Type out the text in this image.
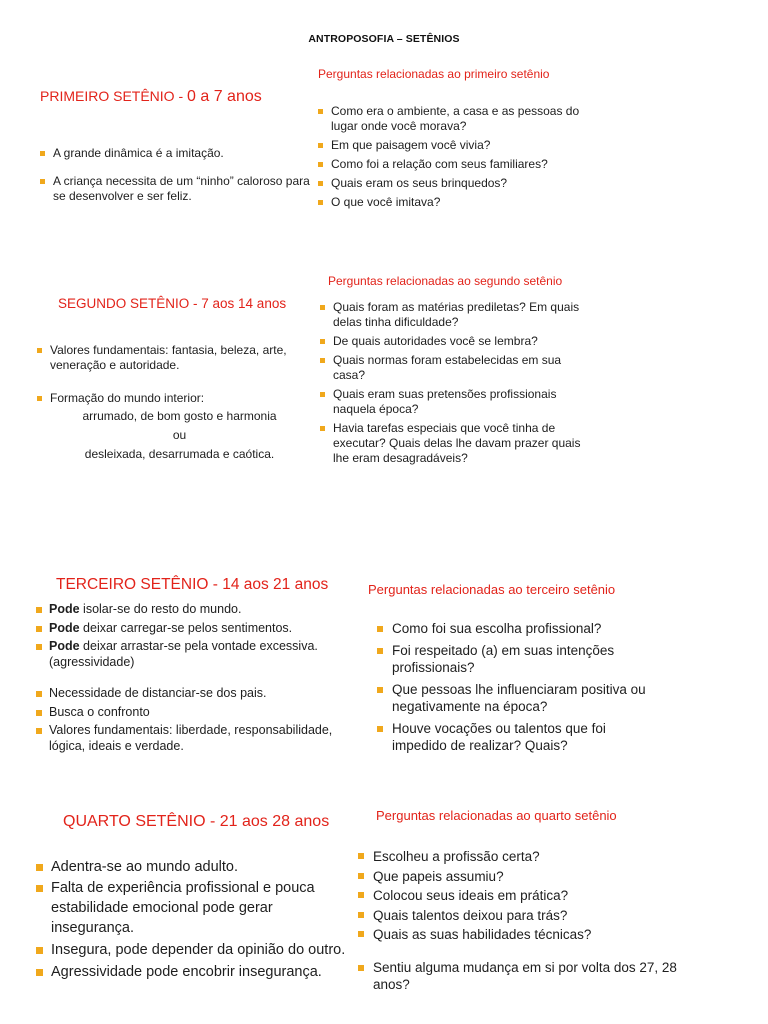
ANTROPOSOFIA – SETÊNIOS
PRIMEIRO SETÊNIO - 0 a 7 anos
A grande dinâmica é a imitação.
A criança necessita de um “ninho” caloroso para se desenvolver e ser feliz.
Perguntas relacionadas ao primeiro setênio
Como era o ambiente, a casa e as pessoas do lugar onde você morava?
Em que paisagem você vivia?
Como foi a relação com seus familiares?
Quais eram os seus brinquedos?
O que você imitava?
SEGUNDO SETÊNIO - 7 aos 14 anos
Valores fundamentais: fantasia, beleza, arte, veneração e autoridade.
Formação do mundo interior:
arrumado, de bom gosto e harmonia
ou
desleixada, desarrumada e caótica.
Perguntas relacionadas ao segundo setênio
Quais foram as matérias prediletas? Em quais delas tinha dificuldade?
De quais autoridades você se lembra?
Quais normas foram estabelecidas em sua casa?
Quais eram suas pretensões profissionais naquela época?
Havia tarefas especiais que você tinha de executar? Quais delas lhe davam prazer quais lhe eram desagradáveis?
TERCEIRO SETÊNIO - 14 aos 21 anos
Pode isolar-se do resto do mundo.
Pode deixar carregar-se pelos sentimentos.
Pode deixar arrastar-se pela vontade excessiva. (agressividade)
Necessidade de distanciar-se dos pais.
Busca o confronto
Valores fundamentais: liberdade, responsabilidade, lógica, ideais e verdade.
Perguntas relacionadas ao terceiro setênio
Como foi sua escolha profissional?
Foi respeitado (a) em suas intenções profissionais?
Que pessoas lhe influenciaram positiva ou negativamente na época?
Houve vocações ou talentos que foi impedido de realizar? Quais?
QUARTO SETÊNIO - 21 aos 28 anos
Adentra-se ao mundo adulto.
Falta de experiência profissional e pouca estabilidade emocional pode gerar insegurança.
Insegura, pode depender da opinião do outro.
Agressividade pode encobrir insegurança.
Perguntas relacionadas ao quarto setênio
Escolheu a profissão certa?
Que papeis assumiu?
Colocou seus ideais em prática?
Quais talentos deixou para trás?
Quais as suas habilidades técnicas?
Sentiu alguma mudança em si por volta dos 27, 28 anos?
